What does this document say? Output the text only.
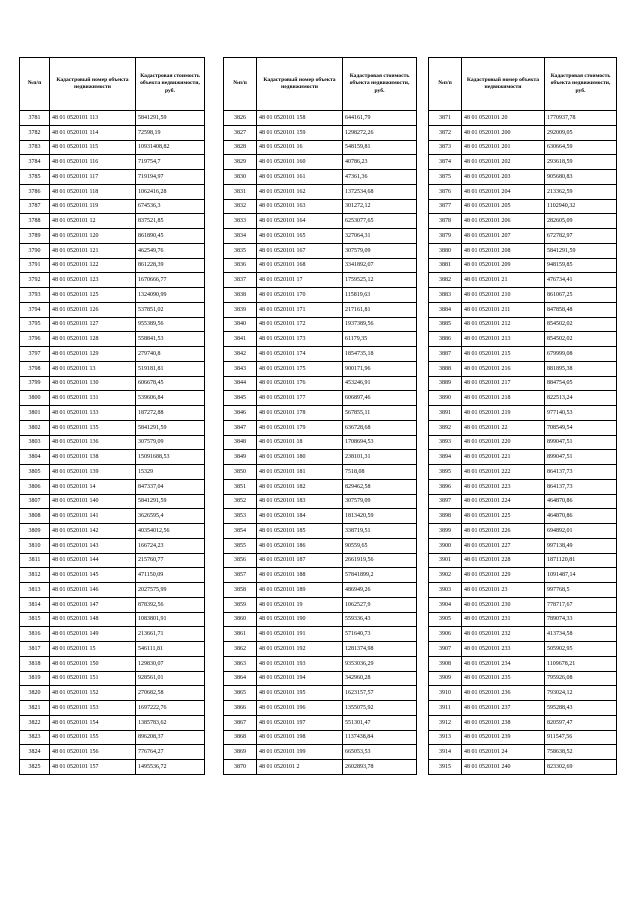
№п/п	Кадастровый номер объекта недвижимости	Кадастровая стоимость объекта недвижимости, руб.
3781	48 01 0520101 113	5841291,59
3782	48 01 0520101 114	72598,19
3783	48 01 0520101 115	10931408,82
3784	48 01 0520101 116	719754,7
3785	48 01 0520101 117	719194,97
3786	48 01 0520101 118	1062416,28
3787	48 01 0520101 119	674536,3
3788	48 01 0520101 12	837521,85
3789	48 01 0520101 120	861890,45
3790	48 01 0520101 121	462549,76
3791	48 01 0520101 122	861228,39
3792	48 01 0520101 123	1670666,77
3793	48 01 0520101 125	1324090,99
3794	48 01 0520101 126	537851,02
3795	48 01 0520101 127	955389,56
3796	48 01 0520101 128	558841,53
3797	48 01 0520101 129	279740,8
3798	48 01 0520101 13	519181,81
3799	48 01 0520101 130	606678,45
3800	48 01 0520101 131	539606,84
3801	48 01 0520101 133	187272,88
3802	48 01 0520101 135	5841291,59
3803	48 01 0520101 136	307579,09
3804	48 01 0520101 138	15091688,53
3805	48 01 0520101 139	15329
3806	48 01 0520101 14	847337,04
3807	48 01 0520101 140	5841291,59
3808	48 01 0520101 141	3626595,4
3809	48 01 0520101 142	40354012,56
3810	48 01 0520101 143	166724,23
3811	48 01 0520101 144	215760,77
3812	48 01 0520101 145	471150,09
3813	48 01 0520101 146	2027575,99
3814	48 01 0520101 147	878392,56
3815	48 01 0520101 148	1083801,91
3816	48 01 0520101 149	213661,71
3817	48 01 0520101 15	546111,81
3818	48 01 0520101 150	129830,07
3819	48 01 0520101 151	928561,01
3820	48 01 0520101 152	270682,58
3821	48 01 0520101 153	1697222,76
3822	48 01 0520101 154	1385783,62
3823	48 01 0520101 155	896208,37
3824	48 01 0520101 156	776764,27
3825	48 01 0520101 157	1495536,72
№п/п	Кадастровый номер объекта недвижимости	Кадастровая стоимость объекта недвижимости, руб.
3826	48 01 0520101 158	644161,79
3827	48 01 0520101 159	1298272,26
3828	48 01 0520101 16	548159,81
3829	48 01 0520101 160	40786,23
3830	48 01 0520101 161	47361,36
3831	48 01 0520101 162	1372534,68
3832	48 01 0520101 163	301272,12
3833	48 01 0520101 164	6253077,65
3834	48 01 0520101 165	327064,31
3835	48 01 0520101 167	307579,09
3836	48 01 0520101 168	3341892,07
3837	48 01 0520101 17	1759525,12
3838	48 01 0520101 170	115819,63
3839	48 01 0520101 171	217161,81
3840	48 01 0520101 172	1937389,56
3841	48 01 0520101 173	61179,35
3842	48 01 0520101 174	1854735,18
3843	48 01 0520101 175	900171,96
3844	48 01 0520101 176	453246,91
3845	48 01 0520101 177	606897,46
3846	48 01 0520101 178	567855,11
3847	48 01 0520101 179	636728,68
3848	48 01 0520101 18	1708694,53
3849	48 01 0520101 180	238101,31
3850	48 01 0520101 181	7518,08
3851	48 01 0520101 182	829462,58
3852	48 01 0520101 183	307579,09
3853	48 01 0520101 184	1813420,59
3854	48 01 0520101 185	338719,51
3855	48 01 0520101 186	90559,65
3856	48 01 0520101 187	2661919,56
3857	48 01 0520101 188	57841899,2
3858	48 01 0520101 189	486949,26
3859	48 01 0520101 19	1062527,9
3860	48 01 0520101 190	559336,43
3861	48 01 0520101 191	571640,73
3862	48 01 0520101 192	1281374,98
3863	48 01 0520101 193	9353036,29
3864	48 01 0520101 194	342960,28
3865	48 01 0520101 195	1623157,57
3866	48 01 0520101 196	1355075,92
3867	48 01 0520101 197	551301,47
3868	48 01 0520101 198	1137438,84
3869	48 01 0520101 199	665053,53
3870	48 01 0520101 2	2602893,78
№п/п	Кадастровый номер объекта недвижимости	Кадастровая стоимость объекта недвижимости, руб.
3871	48 01 0520101 20	1770937,78
3872	48 01 0520101 200	292009,05
3873	48 01 0520101 201	630664,59
3874	48 01 0520101 202	293618,59
3875	48 01 0520101 203	905680,83
3876	48 01 0520101 204	213362,59
3877	48 01 0520101 205	1102940,32
3878	48 01 0520101 206	282605,09
3879	48 01 0520101 207	672782,97
3880	48 01 0520101 208	5841291,59
3881	48 01 0520101 209	948159,85
3882	48 01 0520101 21	476734,41
3883	48 01 0520101 210	861067,25
3884	48 01 0520101 211	847858,48
3885	48 01 0520101 212	854502,02
3886	48 01 0520101 213	854502,02
3887	48 01 0520101 215	679999,08
3888	48 01 0520101 216	881895,38
3889	48 01 0520101 217	884754,05
3890	48 01 0520101 218	822513,24
3891	48 01 0520101 219	977140,53
3892	48 01 0520101 22	708549,54
3893	48 01 0520101 220	899047,51
3894	48 01 0520101 221	899047,51
3895	48 01 0520101 222	864137,73
3896	48 01 0520101 223	864137,73
3897	48 01 0520101 224	464870,86
3898	48 01 0520101 225	464870,86
3899	48 01 0520101 226	694892,01
3900	48 01 0520101 227	997138,49
3901	48 01 0520101 228	1871120,81
3902	48 01 0520101 229	1091487,14
3903	48 01 0520101 23	997768,5
3904	48 01 0520101 230	778717,67
3905	48 01 0520101 231	789074,33
3906	48 01 0520101 232	413734,58
3907	48 01 0520101 233	505902,95
3908	48 01 0520101 234	1109678,21
3909	48 01 0520101 235	795926,08
3910	48 01 0520101 236	793024,12
3911	48 01 0520101 237	595288,43
3912	48 01 0520101 238	820597,47
3913	48 01 0520101 239	911547,56
3914	48 01 0520101 24	758638,52
3915	48 01 0520101 240	823302,69
